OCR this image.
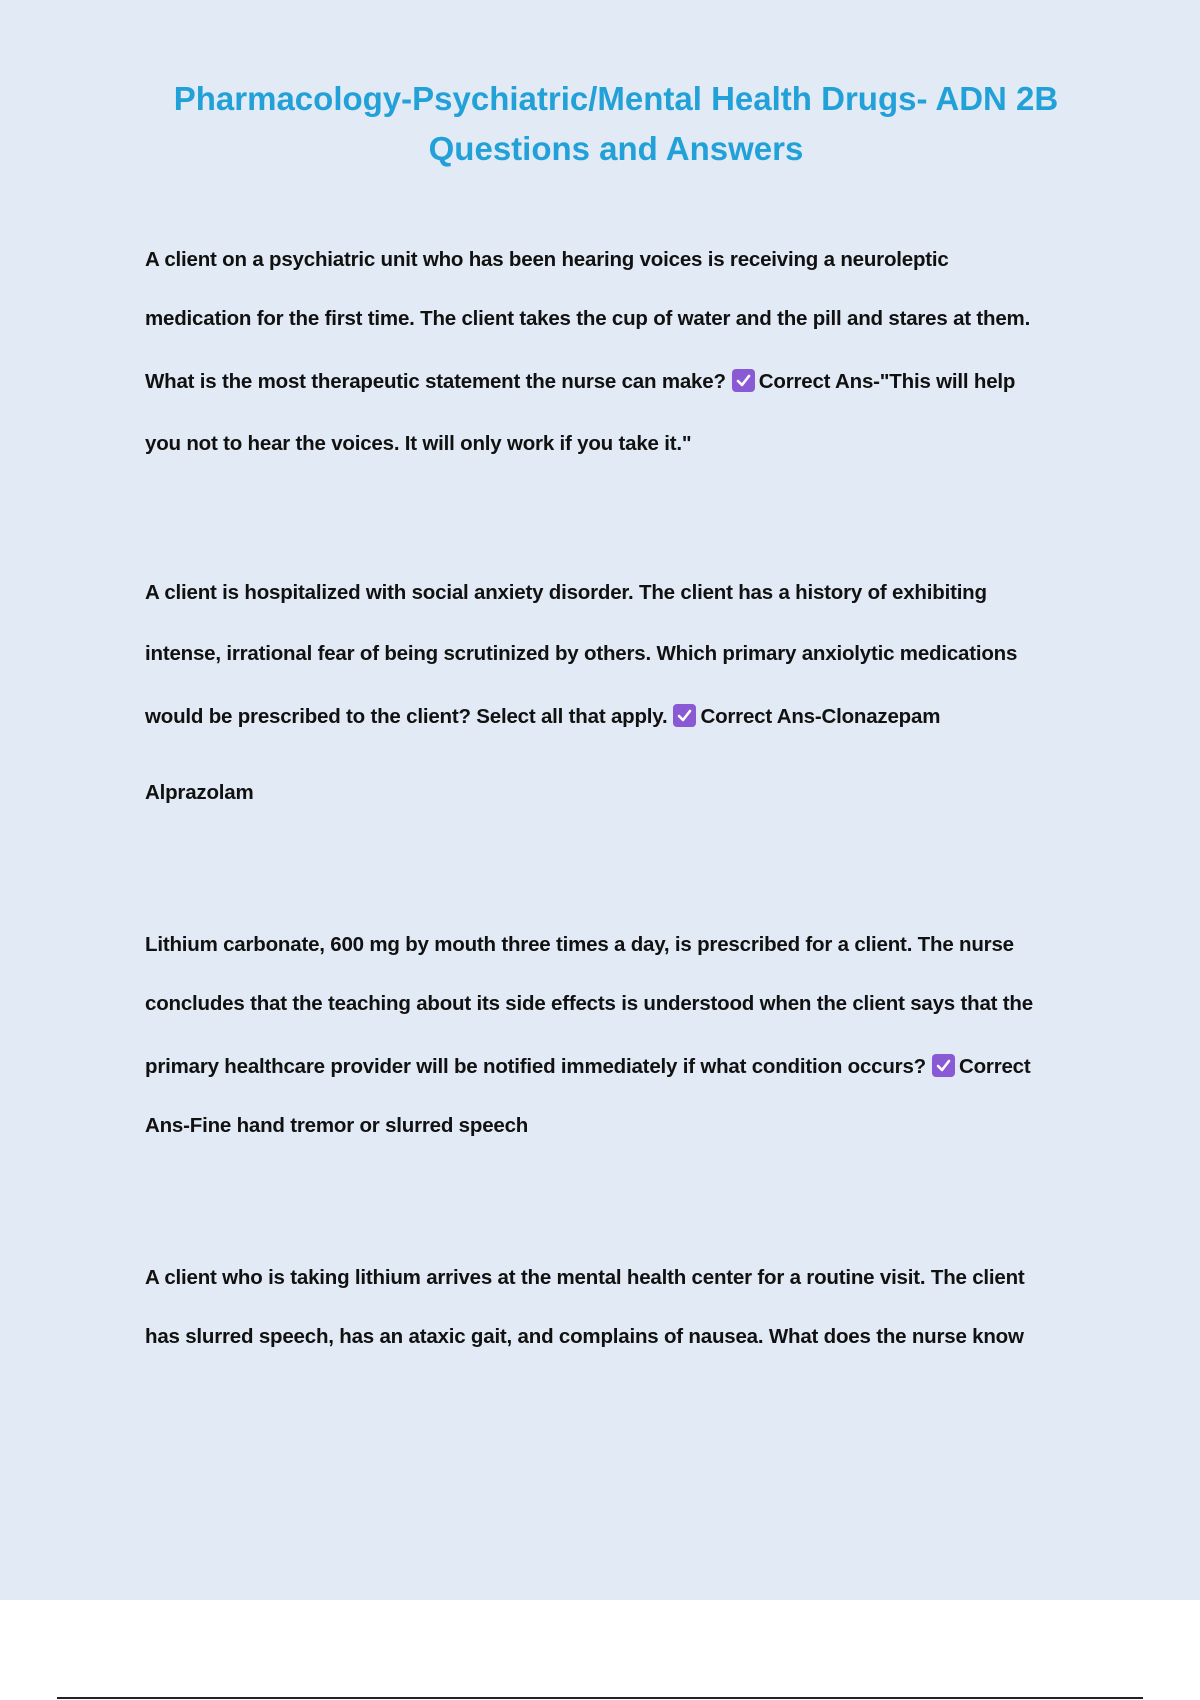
Pharmacology-Psychiatric/Mental Health Drugs- ADN 2B
Questions and Answers
A client on a psychiatric unit who has been hearing voices is receiving a neuroleptic
medication for the first time. The client takes the cup of water and the pill and stares at them.
What is the most therapeutic statement the nurse can make? Correct Ans-"This will help
you not to hear the voices. It will only work if you take it."
A client is hospitalized with social anxiety disorder. The client has a history of exhibiting
intense, irrational fear of being scrutinized by others. Which primary anxiolytic medications
would be prescribed to the client? Select all that apply. Correct Ans-Clonazepam
Alprazolam
Lithium carbonate, 600 mg by mouth three times a day, is prescribed for a client. The nurse
concludes that the teaching about its side effects is understood when the client says that the
primary healthcare provider will be notified immediately if what condition occurs? Correct
Ans-Fine hand tremor or slurred speech
A client who is taking lithium arrives at the mental health center for a routine visit. The client
has slurred speech, has an ataxic gait, and complains of nausea. What does the nurse know
